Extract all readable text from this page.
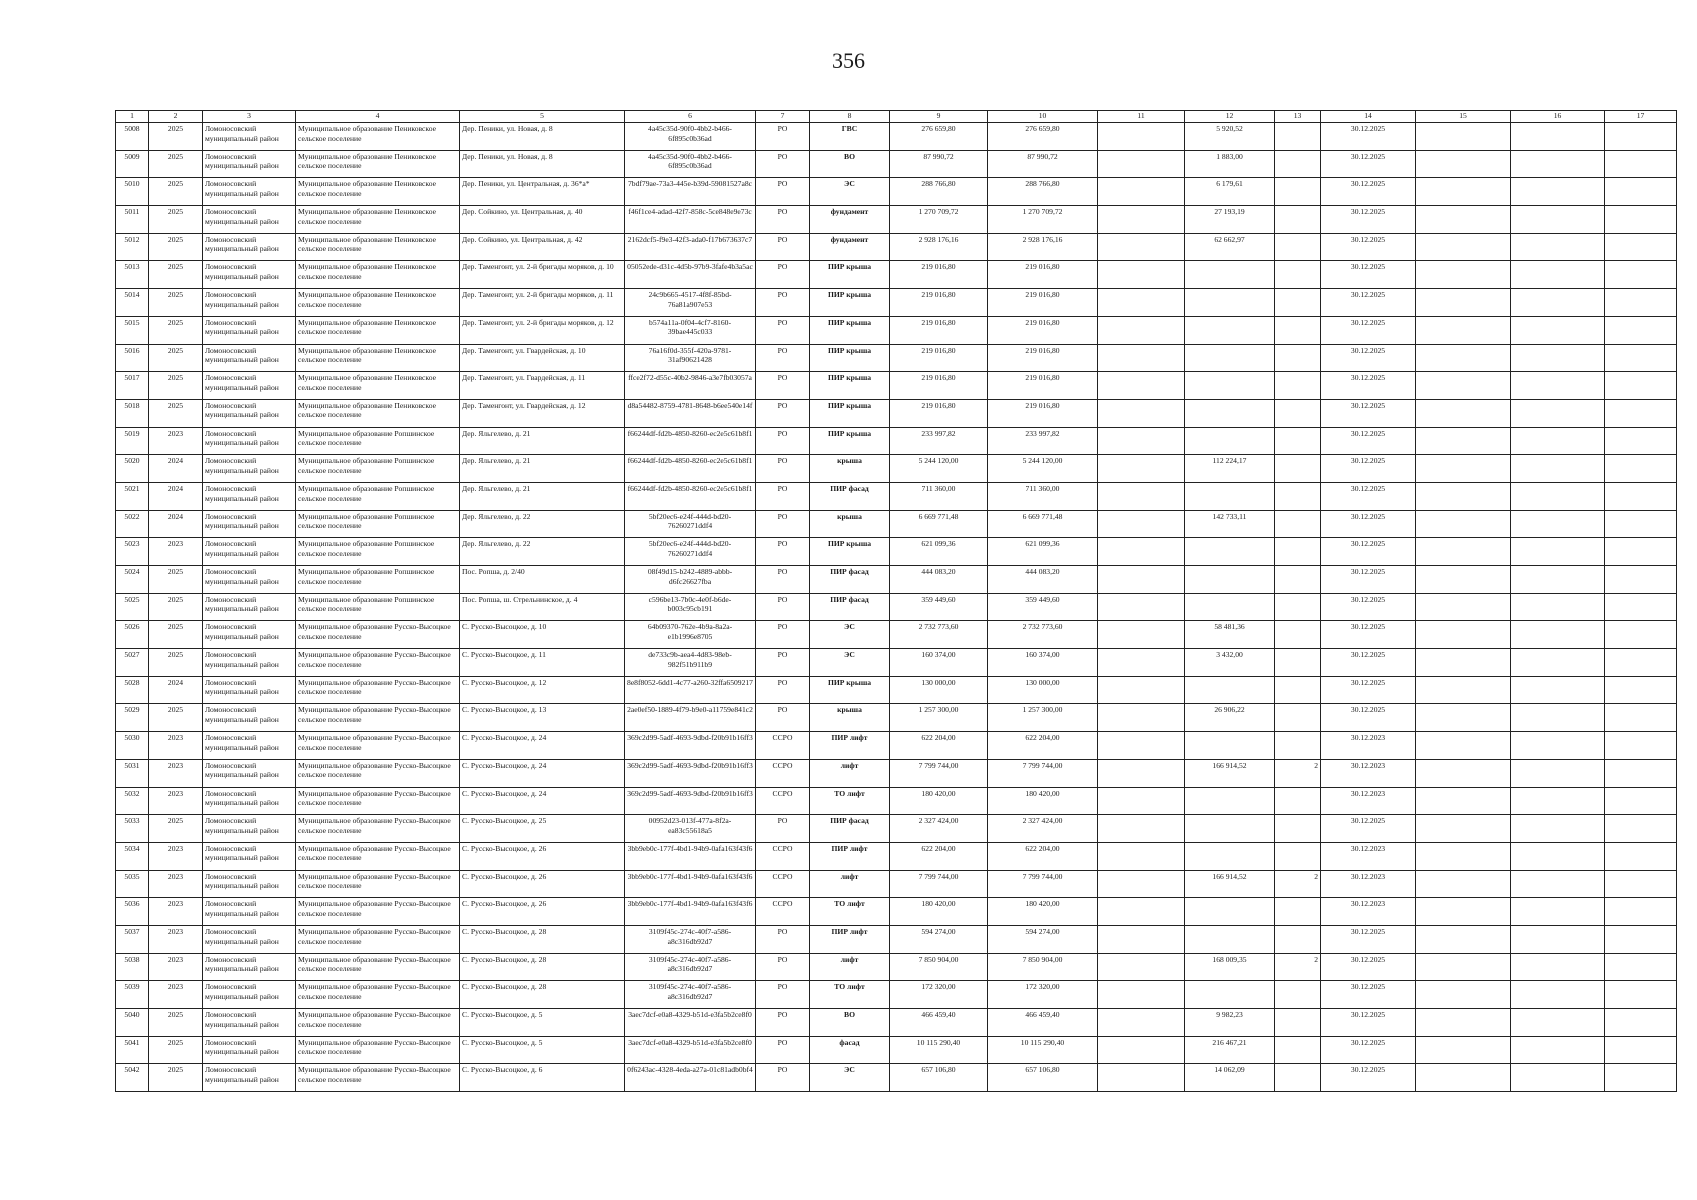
356
1	2	3	4	5	6	7	8	9	10	11	12	13	14	15	16	17
5008	2025	Ломоносовский муниципальный район	Муниципальное образование Пениковское сельское поселение	Дер. Пеники, ул. Новая, д. 8	4a45c35d-90f0-4bb2-b466-6f895c0b36ad	РО	ГВС	276 659,80	276 659,80		5 920,52		30.12.2025			
5009	2025	Ломоносовский муниципальный район	Муниципальное образование Пениковское сельское поселение	Дер. Пеники, ул. Новая, д. 8	4a45c35d-90f0-4bb2-b466-6f895c0b36ad	РО	ВО	87 990,72	87 990,72		1 883,00		30.12.2025			
5010	2025	Ломоносовский муниципальный район	Муниципальное образование Пениковское сельское поселение	Дер. Пеники, ул. Центральная, д. 36*а*	7bdf79ae-73a3-445e-b39d-59081527a8c	РО	ЭС	288 766,80	288 766,80		6 179,61		30.12.2025			
5011	2025	Ломоносовский муниципальный район	Муниципальное образование Пениковское сельское поселение	Дер. Сойкино, ул. Центральная, д. 40	f46f1ce4-adad-42f7-858c-5ce848e9e73c	РО	фундамент	1 270 709,72	1 270 709,72		27 193,19		30.12.2025			
5012	2025	Ломоносовский муниципальный район	Муниципальное образование Пениковское сельское поселение	Дер. Сойкино, ул. Центральная, д. 42	2162dcf5-f9e3-42f3-ada0-f17b673637c7	РО	фундамент	2 928 176,16	2 928 176,16		62 662,97		30.12.2025			
5013	2025	Ломоносовский муниципальный район	Муниципальное образование Пениковское сельское поселение	Дер. Таменгонт, ул. 2-й бригады моряков, д. 10	05052ede-d31c-4d5b-97b9-3fafe4b3a5ac	РО	ПИР крыша	219 016,80	219 016,80				30.12.2025			
5014	2025	Ломоносовский муниципальный район	Муниципальное образование Пениковское сельское поселение	Дер. Таменгонт, ул. 2-й бригады моряков, д. 11	24c9b665-4517-4f8f-85bd-76a81a907e53	РО	ПИР крыша	219 016,80	219 016,80				30.12.2025			
5015	2025	Ломоносовский муниципальный район	Муниципальное образование Пениковское сельское поселение	Дер. Таменгонт, ул. 2-й бригады моряков, д. 12	b574a11a-0f04-4cf7-8160-39bae445c033	РО	ПИР крыша	219 016,80	219 016,80				30.12.2025			
5016	2025	Ломоносовский муниципальный район	Муниципальное образование Пениковское сельское поселение	Дер. Таменгонт, ул. Гвардейская, д. 10	76a16f0d-355f-420a-9781-31af90621428	РО	ПИР крыша	219 016,80	219 016,80				30.12.2025			
5017	2025	Ломоносовский муниципальный район	Муниципальное образование Пениковское сельское поселение	Дер. Таменгонт, ул. Гвардейская, д. 11	ffce2f72-d55c-40b2-9846-a3e7fb03057a	РО	ПИР крыша	219 016,80	219 016,80				30.12.2025			
5018	2025	Ломоносовский муниципальный район	Муниципальное образование Пениковское сельское поселение	Дер. Таменгонт, ул. Гвардейская, д. 12	d8a54482-8759-4781-8648-b6ee540e14f	РО	ПИР крыша	219 016,80	219 016,80				30.12.2025			
5019	2023	Ломоносовский муниципальный район	Муниципальное образование Ропшинское сельское поселение	Дер. Яльгелево, д. 21	f66244df-fd2b-4850-8260-ec2e5c61b8f1	РО	ПИР крыша	233 997,82	233 997,82				30.12.2025			
5020	2024	Ломоносовский муниципальный район	Муниципальное образование Ропшинское сельское поселение	Дер. Яльгелево, д. 21	f66244df-fd2b-4850-8260-ec2e5c61b8f1	РО	крыша	5 244 120,00	5 244 120,00		112 224,17		30.12.2025			
5021	2024	Ломоносовский муниципальный район	Муниципальное образование Ропшинское сельское поселение	Дер. Яльгелево, д. 21	f66244df-fd2b-4850-8260-ec2e5c61b8f1	РО	ПИР фасад	711 360,00	711 360,00				30.12.2025			
5022	2024	Ломоносовский муниципальный район	Муниципальное образование Ропшинское сельское поселение	Дер. Яльгелево, д. 22	5bf20ec6-e24f-444d-bd20-76260271ddf4	РО	крыша	6 669 771,48	6 669 771,48		142 733,11		30.12.2025			
5023	2023	Ломоносовский муниципальный район	Муниципальное образование Ропшинское сельское поселение	Дер. Яльгелево, д. 22	5bf20ec6-e24f-444d-bd20-76260271ddf4	РО	ПИР крыша	621 099,36	621 099,36				30.12.2025			
5024	2025	Ломоносовский муниципальный район	Муниципальное образование Ропшинское сельское поселение	Пос. Ропша, д. 2/40	08f49d15-b242-4889-abbb-d6fc26627fba	РО	ПИР фасад	444 083,20	444 083,20				30.12.2025			
5025	2025	Ломоносовский муниципальный район	Муниципальное образование Ропшинское сельское поселение	Пос. Ропша, ш. Стрельнинское, д. 4	c596be13-7b0c-4e0f-b6de-b003c95cb191	РО	ПИР фасад	359 449,60	359 449,60				30.12.2025			
5026	2025	Ломоносовский муниципальный район	Муниципальное образование Русско-Высоцкое сельское поселение	С. Русско-Высоцкое, д. 10	64b09370-762e-4b9a-8a2a-e1b1996e8705	РО	ЭС	2 732 773,60	2 732 773,60		58 481,36		30.12.2025			
5027	2025	Ломоносовский муниципальный район	Муниципальное образование Русско-Высоцкое сельское поселение	С. Русско-Высоцкое, д. 11	de733c9b-aea4-4d83-98eb-982f51b911b9	РО	ЭС	160 374,00	160 374,00		3 432,00		30.12.2025			
5028	2024	Ломоносовский муниципальный район	Муниципальное образование Русско-Высоцкое сельское поселение	С. Русско-Высоцкое, д. 12	8e8f8052-6dd1-4c77-a260-32ffa6509217	РО	ПИР крыша	130 000,00	130 000,00				30.12.2025			
5029	2025	Ломоносовский муниципальный район	Муниципальное образование Русско-Высоцкое сельское поселение	С. Русско-Высоцкое, д. 13	2ae0ef50-1889-4f79-b9e0-a11759e841c2	РО	крыша	1 257 300,00	1 257 300,00		26 906,22		30.12.2025			
5030	2023	Ломоносовский муниципальный район	Муниципальное образование Русско-Высоцкое сельское поселение	С. Русско-Высоцкое, д. 24	369c2d99-5adf-4693-9dbd-f20b91b16ff3	ССРО	ПИР лифт	622 204,00	622 204,00				30.12.2023			
5031	2023	Ломоносовский муниципальный район	Муниципальное образование Русско-Высоцкое сельское поселение	С. Русско-Высоцкое, д. 24	369c2d99-5adf-4693-9dbd-f20b91b16ff3	ССРО	лифт	7 799 744,00	7 799 744,00		166 914,52	2	30.12.2023			
5032	2023	Ломоносовский муниципальный район	Муниципальное образование Русско-Высоцкое сельское поселение	С. Русско-Высоцкое, д. 24	369c2d99-5adf-4693-9dbd-f20b91b16ff3	ССРО	ТО лифт	180 420,00	180 420,00				30.12.2023			
5033	2025	Ломоносовский муниципальный район	Муниципальное образование Русско-Высоцкое сельское поселение	С. Русско-Высоцкое, д. 25	00952d23-013f-477a-8f2a-ea83c55618a5	РО	ПИР фасад	2 327 424,00	2 327 424,00				30.12.2025			
5034	2023	Ломоносовский муниципальный район	Муниципальное образование Русско-Высоцкое сельское поселение	С. Русско-Высоцкое, д. 26	3bb9eb0c-177f-4bd1-94b9-0afa163f43f6	ССРО	ПИР лифт	622 204,00	622 204,00				30.12.2023			
5035	2023	Ломоносовский муниципальный район	Муниципальное образование Русско-Высоцкое сельское поселение	С. Русско-Высоцкое, д. 26	3bb9eb0c-177f-4bd1-94b9-0afa163f43f6	ССРО	лифт	7 799 744,00	7 799 744,00		166 914,52	2	30.12.2023			
5036	2023	Ломоносовский муниципальный район	Муниципальное образование Русско-Высоцкое сельское поселение	С. Русско-Высоцкое, д. 26	3bb9eb0c-177f-4bd1-94b9-0afa163f43f6	ССРО	ТО лифт	180 420,00	180 420,00				30.12.2023			
5037	2023	Ломоносовский муниципальный район	Муниципальное образование Русско-Высоцкое сельское поселение	С. Русско-Высоцкое, д. 28	3109f45c-274c-40f7-a586-a8c316db92d7	РО	ПИР лифт	594 274,00	594 274,00				30.12.2025			
5038	2023	Ломоносовский муниципальный район	Муниципальное образование Русско-Высоцкое сельское поселение	С. Русско-Высоцкое, д. 28	3109f45c-274c-40f7-a586-a8c316db92d7	РО	лифт	7 850 904,00	7 850 904,00		168 009,35	2	30.12.2025			
5039	2023	Ломоносовский муниципальный район	Муниципальное образование Русско-Высоцкое сельское поселение	С. Русско-Высоцкое, д. 28	3109f45c-274c-40f7-a586-a8c316db92d7	РО	ТО лифт	172 320,00	172 320,00				30.12.2025			
5040	2025	Ломоносовский муниципальный район	Муниципальное образование Русско-Высоцкое сельское поселение	С. Русско-Высоцкое, д. 5	3aec7dcf-e0a8-4329-b51d-e3fa5b2ce8f0	РО	ВО	466 459,40	466 459,40		9 982,23		30.12.2025			
5041	2025	Ломоносовский муниципальный район	Муниципальное образование Русско-Высоцкое сельское поселение	С. Русско-Высоцкое, д. 5	3aec7dcf-e0a8-4329-b51d-e3fa5b2ce8f0	РО	фасад	10 115 290,40	10 115 290,40		216 467,21		30.12.2025			
5042	2025	Ломоносовский муниципальный район	Муниципальное образование Русско-Высоцкое сельское поселение	С. Русско-Высоцкое, д. 6	0f6243ac-4328-4eda-a27a-01c81adb0bf4	РО	ЭС	657 106,80	657 106,80		14 062,09		30.12.2025			
